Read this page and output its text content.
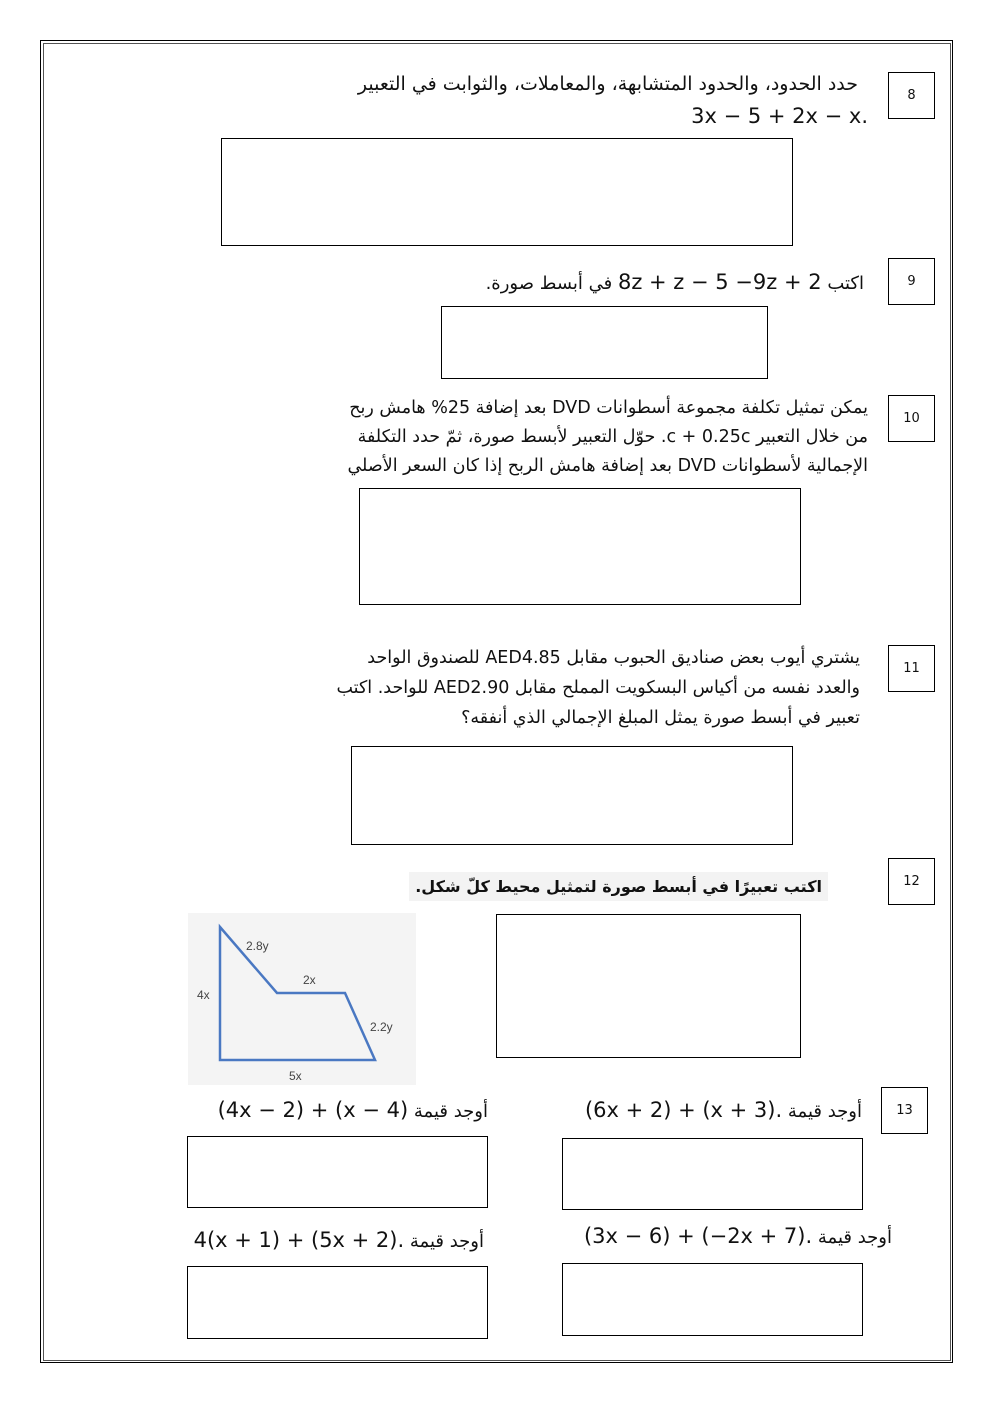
8
حدد الحدود، والحدود المتشابهة، والمعاملات، والثوابت في التعبير
3x − 5 + 2x − x.
9
اكتب 8z + z − 5 −9z + 2 في أبسط صورة.
10
يمكن تمثيل تكلفة مجموعة أسطوانات DVD بعد إضافة 25% هامش ربح
من خلال التعبير c + 0.25c. حوّل التعبير لأبسط صورة، ثمّ حدد التكلفة
الإجمالية لأسطوانات DVD بعد إضافة هامش الربح إذا كان السعر الأصلي
11
يشتري أيوب بعض صناديق الحبوب مقابل AED4.85 للصندوق الواحد
والعدد نفسه من أكياس البسكويت المملح مقابل AED2.90 للواحد. اكتب
تعبير في أبسط صورة يمثل المبلغ الإجمالي الذي أنفقه؟
12
اكتب تعبيرًا في أبسط صورة لتمثيل محيط كلّ شكل.
2.8y
2x
4x
2.2y
5x
13
أوجد قيمة (6x + 2) + (x + 3).
أوجد قيمة (4x − 2) + (x − 4)
أوجد قيمة (3x − 6) + (−2x + 7).
أوجد قيمة 4(x + 1) + (5x + 2).
